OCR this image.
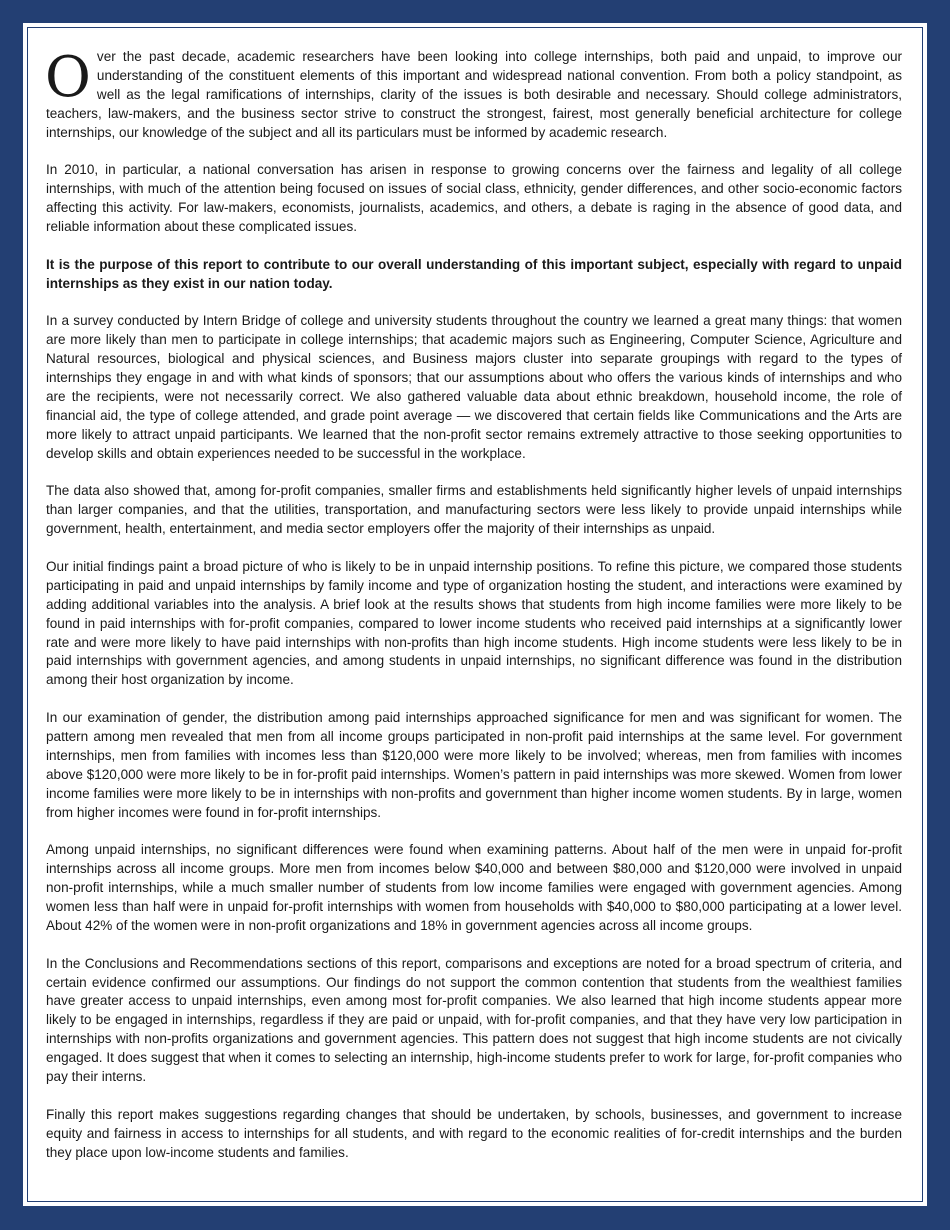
Over the past decade, academic researchers have been looking into college internships, both paid and unpaid, to improve our understanding of the constituent elements of this important and widespread national convention. From both a policy standpoint, as well as the legal ramifications of internships, clarity of the issues is both desirable and necessary. Should college administrators, teachers, law-makers, and the business sector strive to construct the strongest, fairest, most generally beneficial architecture for college internships, our knowledge of the subject and all its particulars must be informed by academic research.

In 2010, in particular, a national conversation has arisen in response to growing concerns over the fairness and legality of all college internships, with much of the attention being focused on issues of social class, ethnicity, gender differences, and other socio-economic factors affecting this activity. For law-makers, economists, journalists, academics, and others, a debate is raging in the absence of good data, and reliable information about these complicated issues.

It is the purpose of this report to contribute to our overall understanding of this important subject, especially with regard to unpaid internships as they exist in our nation today.

In a survey conducted by Intern Bridge of college and university students throughout the country we learned a great many things: that women are more likely than men to participate in college internships; that academic majors such as Engineering, Computer Science, Agriculture and Natural resources, biological and physical sciences, and Business majors cluster into separate groupings with regard to the types of internships they engage in and with what kinds of sponsors; that our assumptions about who offers the various kinds of internships and who are the recipients, were not necessarily correct. We also gathered valuable data about ethnic breakdown, household income, the role of financial aid, the type of college attended, and grade point average — we discovered that certain fields like Communications and the Arts are more likely to attract unpaid participants. We learned that the non-profit sector remains extremely attractive to those seeking opportunities to develop skills and obtain experiences needed to be successful in the workplace.

The data also showed that, among for-profit companies, smaller firms and establishments held significantly higher levels of unpaid internships than larger companies, and that the utilities, transportation, and manufacturing sectors were less likely to provide unpaid internships while government, health, entertainment, and media sector employers offer the majority of their internships as unpaid.

Our initial findings paint a broad picture of who is likely to be in unpaid internship positions. To refine this picture, we compared those students participating in paid and unpaid internships by family income and type of organization hosting the student, and interactions were examined by adding additional variables into the analysis. A brief look at the results shows that students from high income families were more likely to be found in paid internships with for-profit companies, compared to lower income students who received paid internships at a significantly lower rate and were more likely to have paid internships with non-profits than high income students. High income students were less likely to be in paid internships with government agencies, and among students in unpaid internships, no significant difference was found in the distribution among their host organization by income.

In our examination of gender, the distribution among paid internships approached significance for men and was significant for women. The pattern among men revealed that men from all income groups participated in non-profit paid internships at the same level. For government internships, men from families with incomes less than $120,000 were more likely to be involved; whereas, men from families with incomes above $120,000 were more likely to be in for-profit paid internships. Women’s pattern in paid internships was more skewed. Women from lower income families were more likely to be in internships with non-profits and government than higher income women students. By in large, women from higher incomes were found in for-profit internships.

Among unpaid internships, no significant differences were found when examining patterns. About half of the men were in unpaid for-profit internships across all income groups. More men from incomes below $40,000 and between $80,000 and $120,000 were involved in unpaid non-profit internships, while a much smaller number of students from low income families were engaged with government agencies. Among women less than half were in unpaid for-profit internships with women from households with $40,000 to $80,000 participating at a lower level. About 42% of the women were in non-profit organizations and 18% in government agencies across all income groups.

In the Conclusions and Recommendations sections of this report, comparisons and exceptions are noted for a broad spectrum of criteria, and certain evidence confirmed our assumptions. Our findings do not support the common contention that students from the wealthiest families have greater access to unpaid internships, even among most for-profit companies. We also learned that high income students appear more likely to be engaged in internships, regardless if they are paid or unpaid, with for-profit companies, and that they have very low participation in internships with non-profits organizations and government agencies. This pattern does not suggest that high income students are not civically engaged. It does suggest that when it comes to selecting an internship, high-income students prefer to work for large, for-profit companies who pay their interns.

Finally this report makes suggestions regarding changes that should be undertaken, by schools, businesses, and government to increase equity and fairness in access to internships for all students, and with regard to the economic realities of for-credit internships and the burden they place upon low-income students and families.
